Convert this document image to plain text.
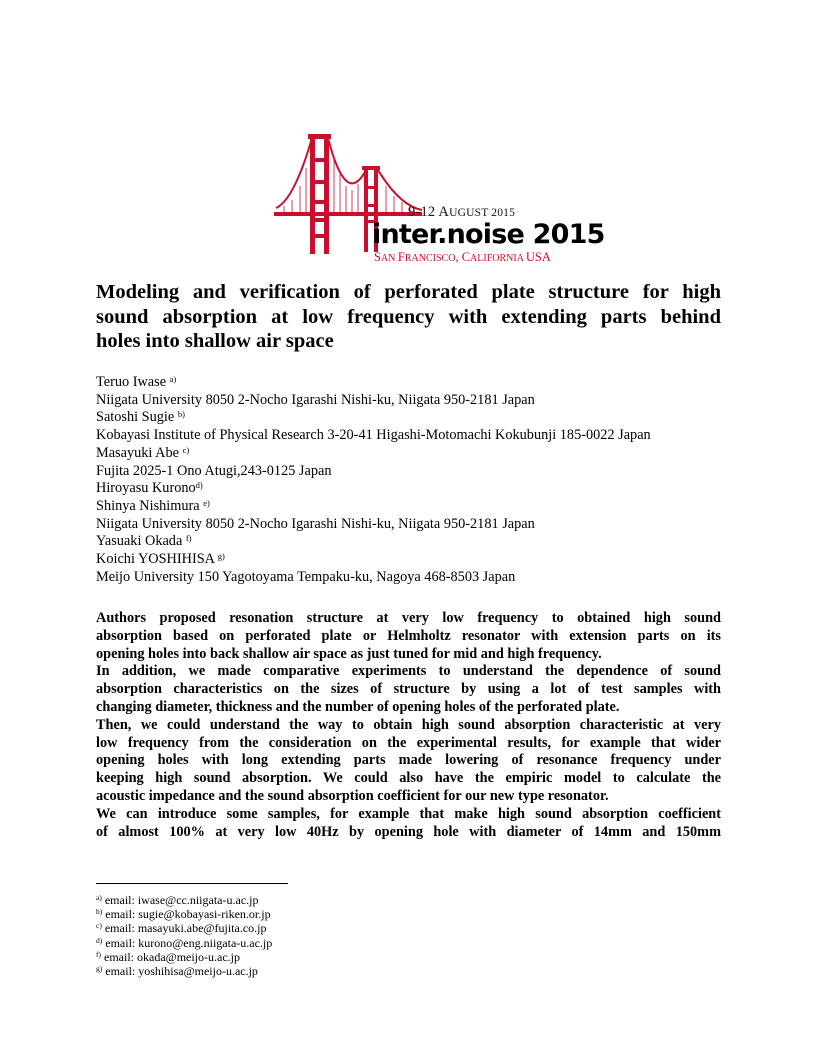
9-12 AUGUST 2015
inter.noise 2015
SAN FRANCISCO, CALIFORNIA USA
Modeling and verification of perforated plate structure for high
sound absorption at low frequency with extending parts behind
holes into shallow air space
Teruo Iwase $^{a)}$
Niigata University 8050 2-Nocho Igarashi Nishi-ku, Niigata 950-2181 Japan
Satoshi Sugie $^{b)}$
Kobayasi Institute of Physical Research 3-20-41 Higashi-Motomachi Kokubunji 185-0022 Japan
Masayuki Abe $^{c)}$
Fujita 2025-1 Ono Atugi,243-0125 Japan
Hiroyasu Kurono$^{d)}$
Shinya Nishimura $^{e)}$
Niigata University 8050 2-Nocho Igarashi Nishi-ku, Niigata 950-2181 Japan
Yasuaki Okada $^{f)}$
Koichi YOSHIHISA $^{g)}$
Meijo University 150 Yagotoyama Tempaku-ku, Nagoya 468-8503 Japan
Authors proposed resonation structure at very low frequency to obtained high sound
absorption based on perforated plate or Helmholtz resonator with extension parts on its
opening holes into back shallow air space as just tuned for mid and high frequency.
In addition, we made comparative experiments to understand the dependence of sound
absorption characteristics on the sizes of structure by using a lot of test samples with
changing diameter, thickness and the number of opening holes of the perforated plate.
Then, we could understand the way to obtain high sound absorption characteristic at very
low frequency from the consideration on the experimental results, for example that wider
opening holes with long extending parts made lowering of resonance frequency under
keeping high sound absorption. We could also have the empiric model to calculate the
acoustic impedance and the sound absorption coefficient for our new type resonator.
We can introduce some samples, for example that make high sound absorption coefficient
of almost 100% at very low 40Hz by opening hole with diameter of 14mm and 150mm
$^{a)}$ email: iwase@cc.niigata-u.ac.jp
$^{b)}$ email: sugie@kobayasi-riken.or.jp
$^{c)}$ email: masayuki.abe@fujita.co.jp
$^{d)}$ email: kurono@eng.niigata-u.ac.jp
$^{f)}$ email: okada@meijo-u.ac.jp
$^{g)}$ email: yoshihisa@meijo-u.ac.jp
